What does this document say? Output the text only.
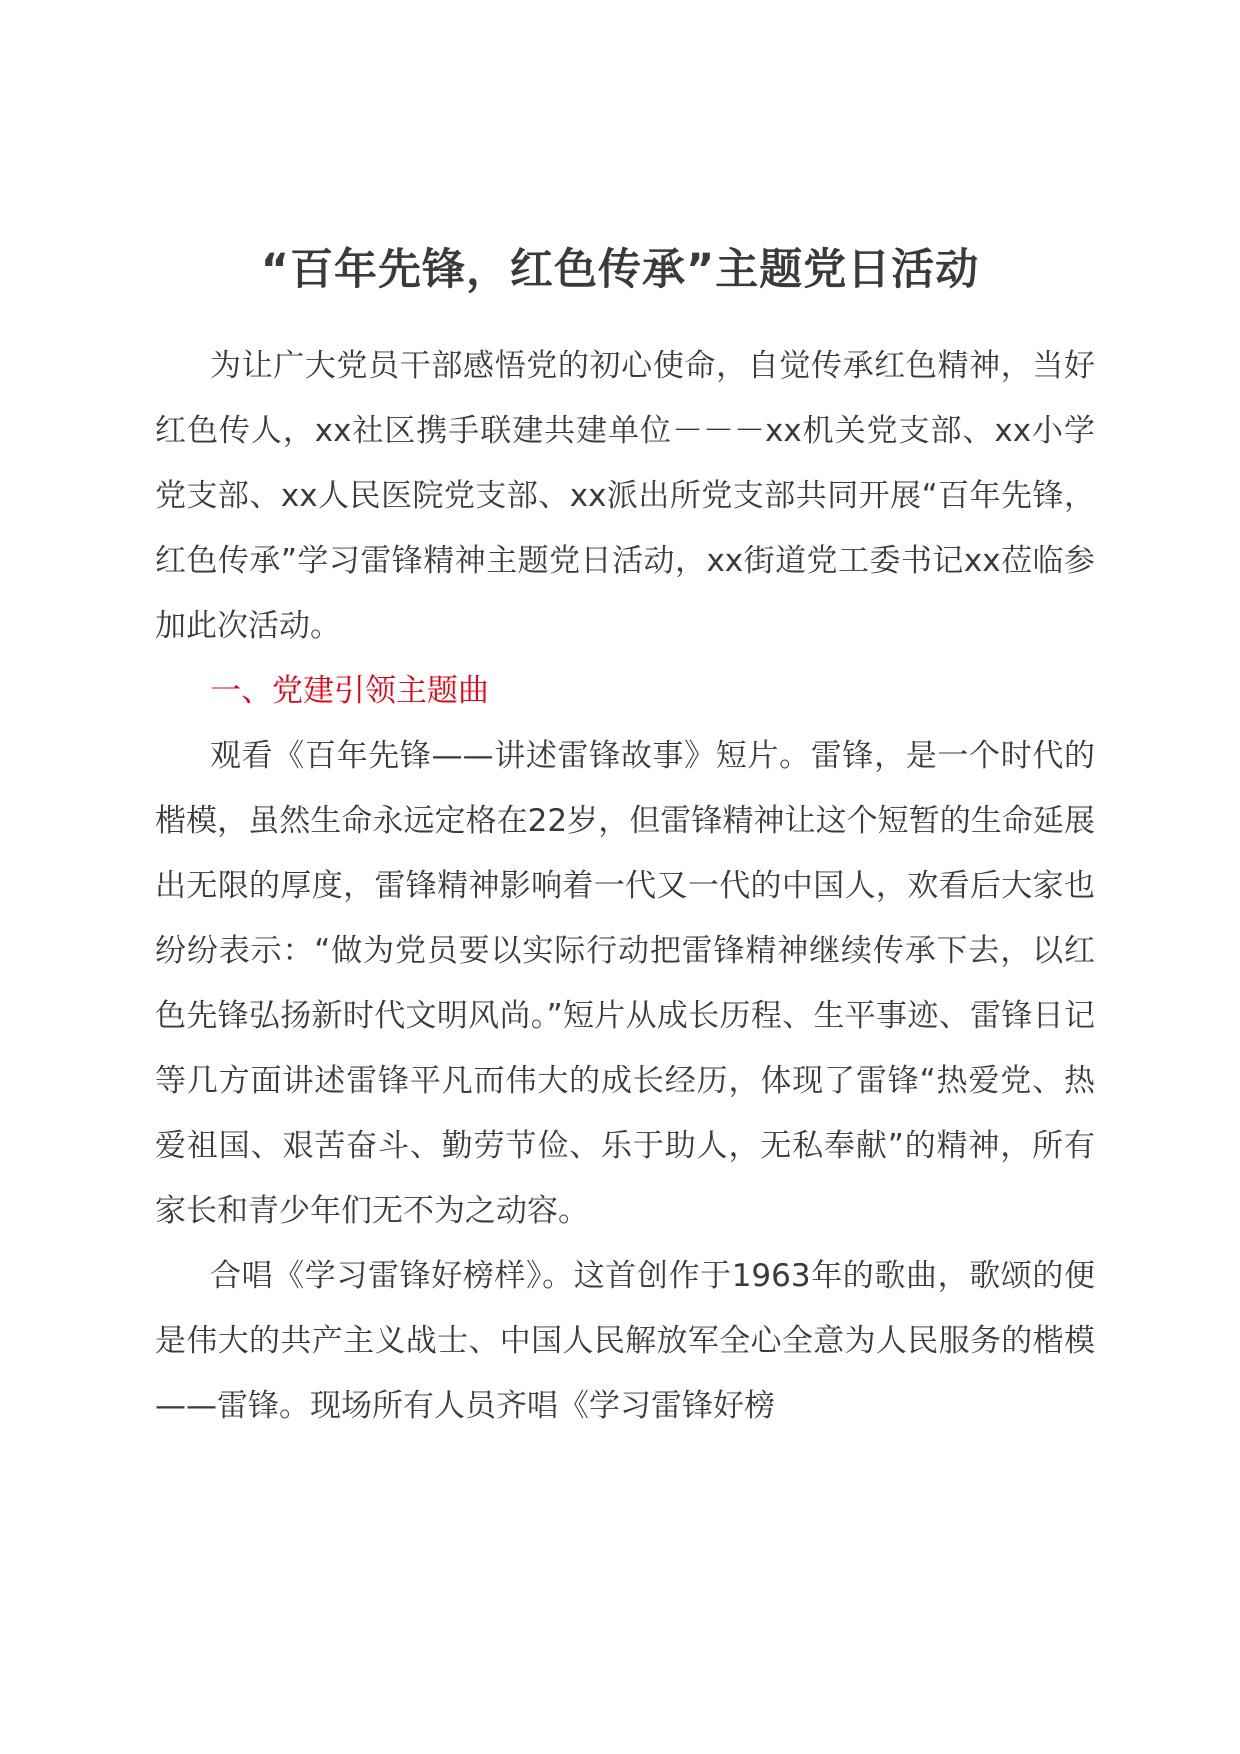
“百年先锋，红色传承”主题党日活动

为让广大党员干部感悟党的初心使命，自觉传承红色精神，当好红色传人，xx社区携手联建共建单位－－－xx机关党支部、xx小学党支部、xx人民医院党支部、xx派出所党支部共同开展“百年先锋，红色传承”学习雷锋精神主题党日活动，xx街道党工委书记xx莅临参加此次活动。

一、党建引领主题曲

观看《百年先锋——讲述雷锋故事》短片。雷锋，是一个时代的楷模，虽然生命永远定格在22岁，但雷锋精神让这个短暂的生命延展出无限的厚度，雷锋精神影响着一代又一代的中国人，欢看后大家也纷纷表示：“做为党员要以实际行动把雷锋精神继续传承下去，以红色先锋弘扬新时代文明风尚。”短片从成长历程、生平事迹、雷锋日记等几方面讲述雷锋平凡而伟大的成长经历，体现了雷锋“热爱党、热爱祖国、艰苦奋斗、勤劳节俭、乐于助人，无私奉献”的精神，所有家长和青少年们无不为之动容。

合唱《学习雷锋好榜样》。这首创作于1963年的歌曲，歌颂的便是伟大的共产主义战士、中国人民解放军全心全意为人民服务的楷模——雷锋。现场所有人员齐唱《学习雷锋好榜
